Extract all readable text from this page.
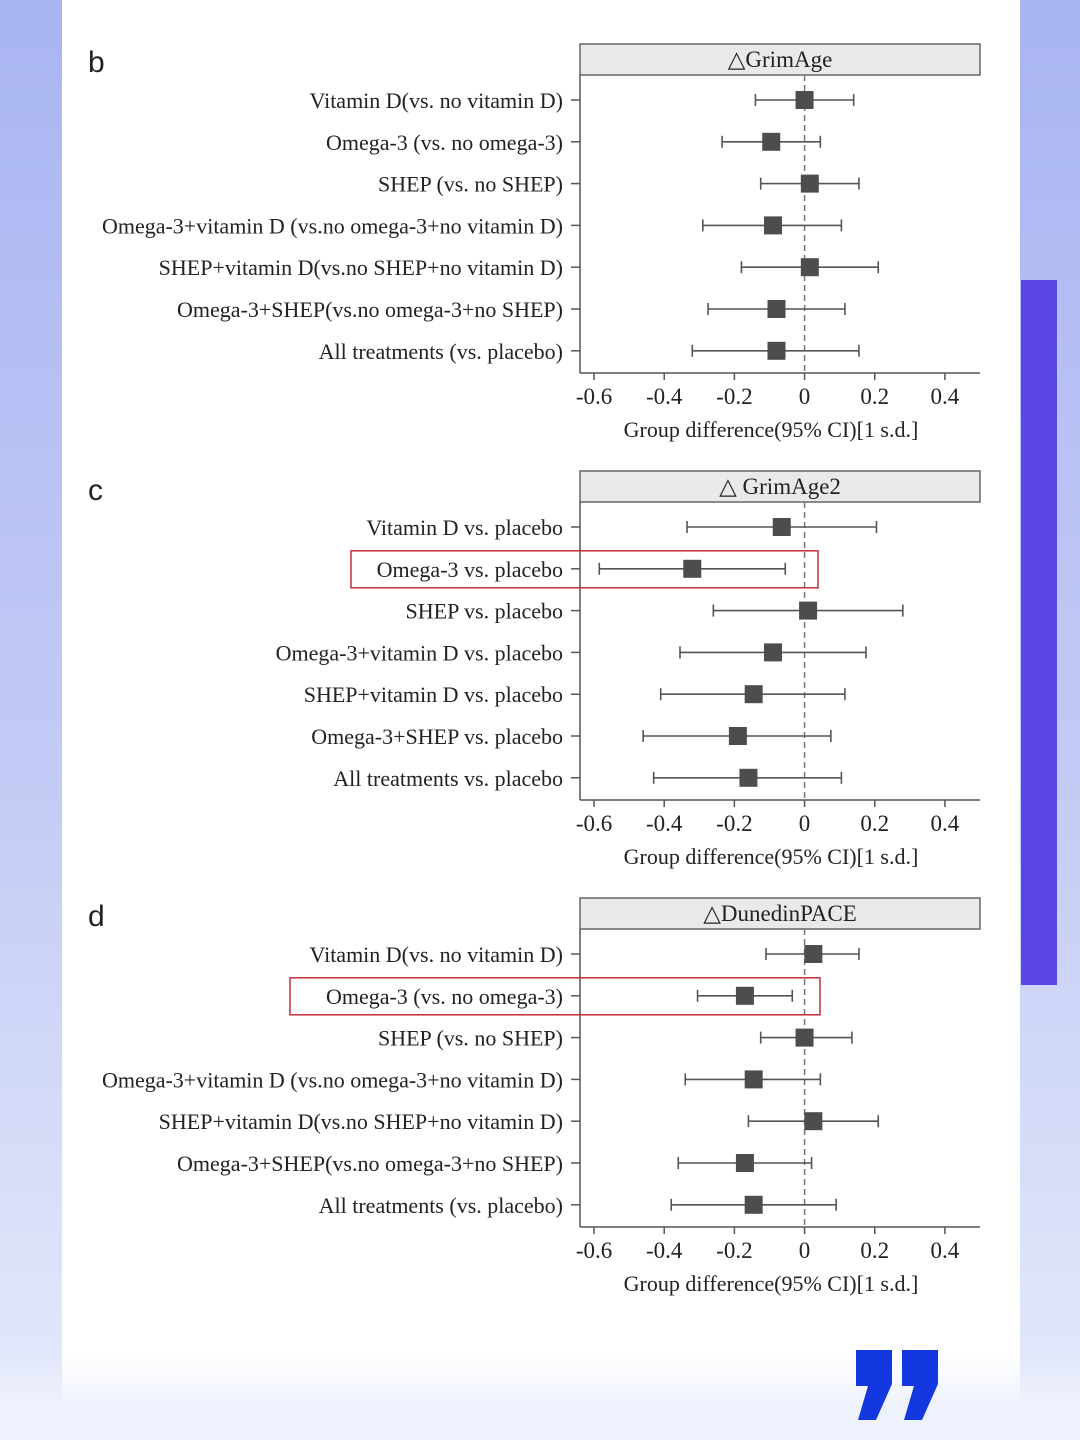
b
c
d
△GrimAge
-0.6 -0.4 -0.2 0 0.2 0.4
Group difference(95% CI)[1 s.d.]
Vitamin D(vs. no vitamin D)
Omega-3 (vs. no omega-3)
SHEP (vs. no SHEP)
Omega-3+vitamin D (vs.no omega-3+no vitamin D)
SHEP+vitamin D(vs.no SHEP+no vitamin D)
Omega-3+SHEP(vs.no omega-3+no SHEP)
All treatments (vs. placebo)
△ GrimAge2
-0.6 -0.4 -0.2 0 0.2 0.4
Group difference(95% CI)[1 s.d.]
Vitamin D vs. placebo
Omega-3 vs. placebo
SHEP vs. placebo
Omega-3+vitamin D vs. placebo
SHEP+vitamin D vs. placebo
Omega-3+SHEP vs. placebo
All treatments vs. placebo
△DunedinPACE
-0.6 -0.4 -0.2 0 0.2 0.4
Group difference(95% CI)[1 s.d.]
Vitamin D(vs. no vitamin D)
Omega-3 (vs. no omega-3)
SHEP (vs. no SHEP)
Omega-3+vitamin D (vs.no omega-3+no vitamin D)
SHEP+vitamin D(vs.no SHEP+no vitamin D)
Omega-3+SHEP(vs.no omega-3+no SHEP)
All treatments (vs. placebo)
